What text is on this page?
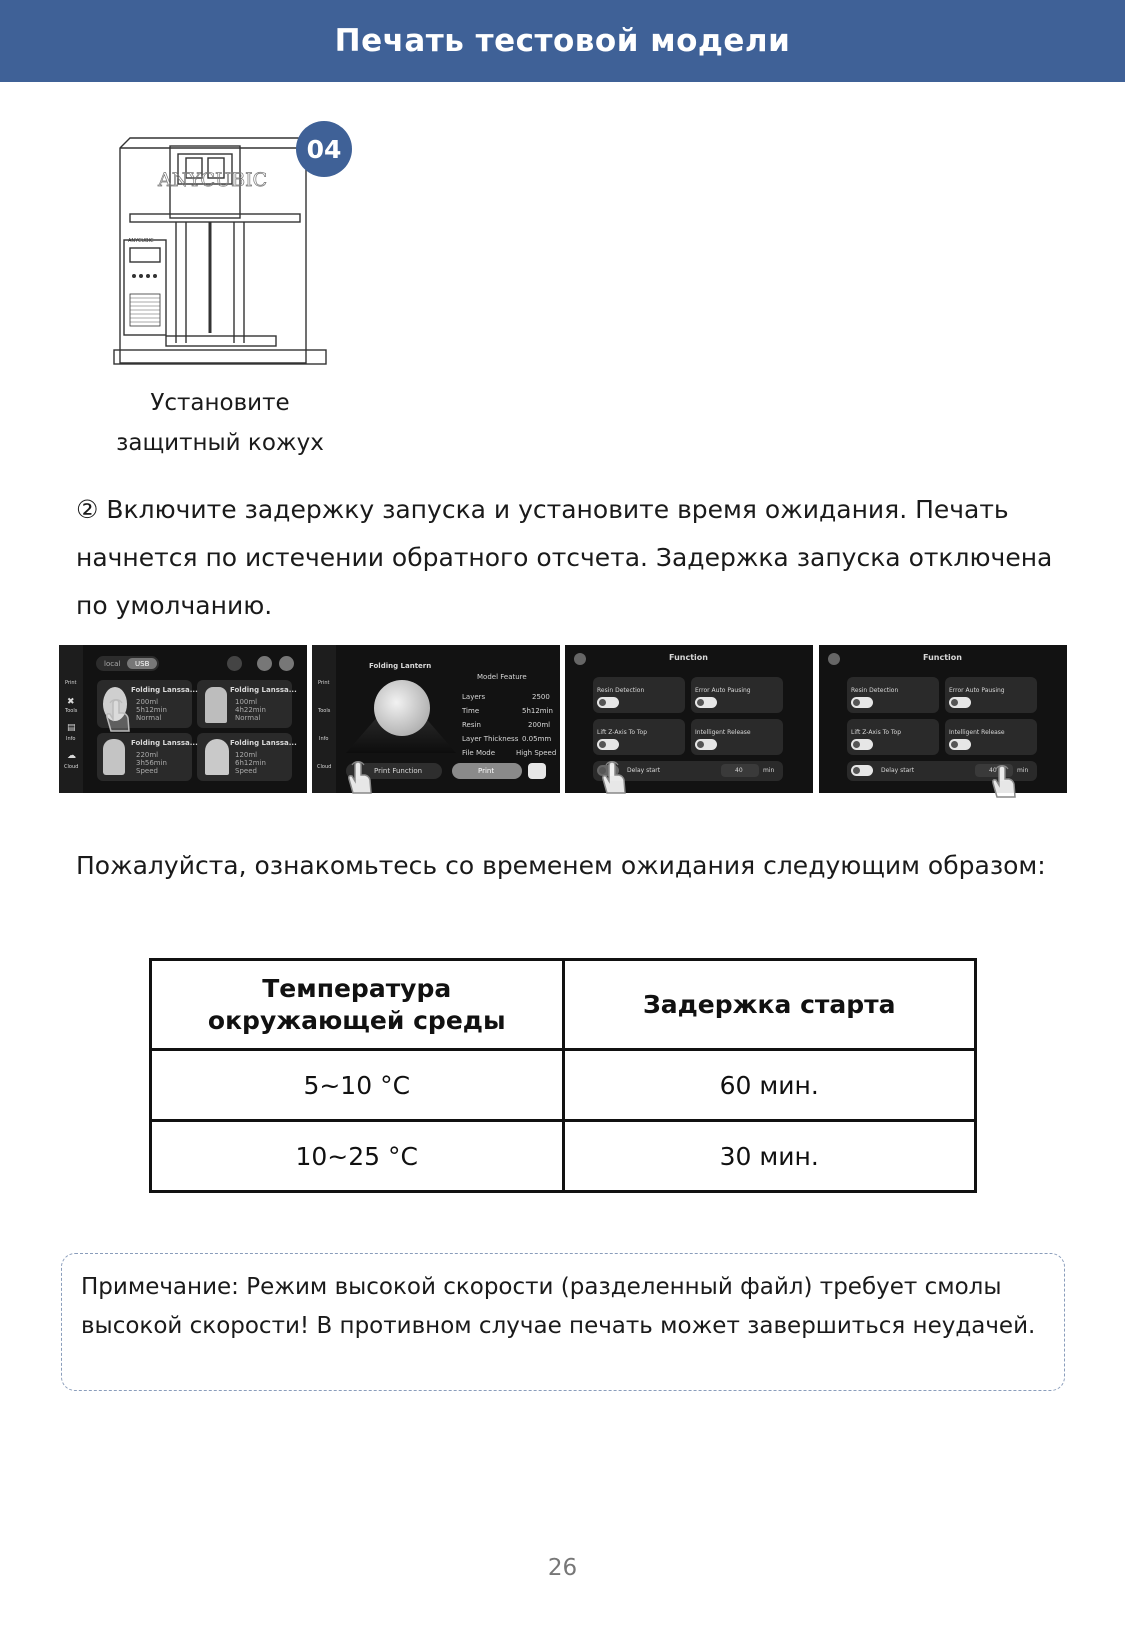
Печать тестовой модели
ANYCUBIC
ANYCUBIC
04
Установите
защитный кожух

② Включите задержку запуска и установите время ожидания. Печать начнется по истечении обратного отсчета. Задержка запуска отключена по умолчанию.

Print
✖
Tools
▤
Info
☁
Cloud
local USB
Folding Lanssa...
200ml
5h12min
Normal
Folding Lanssa...
100ml
4h22min
Normal
Folding Lanssa...
220ml
3h56min
Speed
Folding Lanssa...
120ml
6h12min
Speed
Print
Tools
Info
Cloud
Folding Lantern
Model Feature
Layers	2500
Time	5h12min
Resin	200ml
Layer Thickness 0.05mm
File Mode	High Speed
Print Function	Print
Function
Resin Detection	Error Auto Pausing
Lift Z-Axis To Top	Intelligent Release
Delay start	40	min
Function
Resin Detection	Error Auto Pausing
Lift Z-Axis To Top	Intelligent Release
Delay start	40	min

Пожалуйста, ознакомьтесь со временем ожидания следующим образом:

Температура окружающей среды	Задержка старта
5~10 °C	60 мин.
10~25 °C	30 мин.
Примечание: Режим высокой скорости (разделенный файл) требует смолы высокой скорости! В противном случае печать может завершиться неудачей.
26
